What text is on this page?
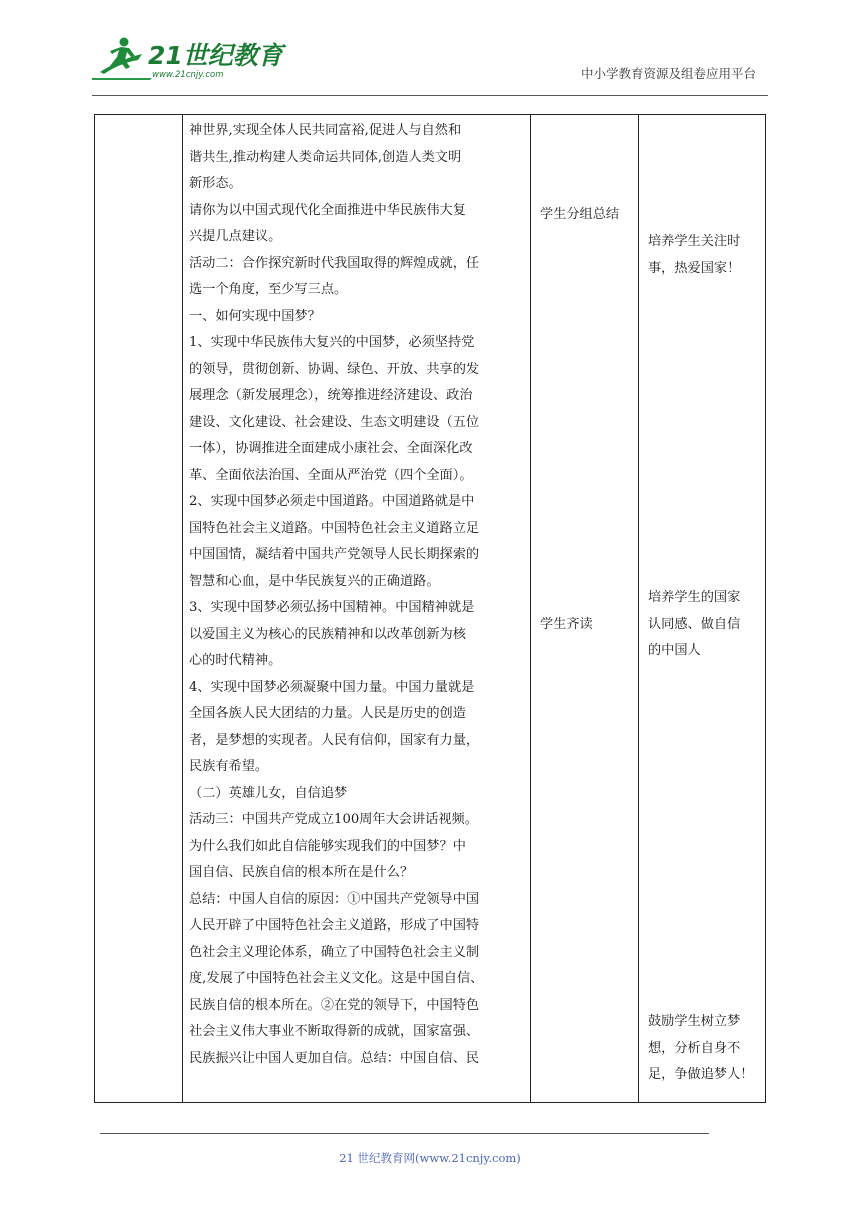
21世纪教育
www.21cnjy.com	中小学教育资源及组卷应用平台

神世界,实现全体人民共同富裕,促进人与自然和

谐共生,推动构建人类命运共同体,创造人类文明

新形态。

请你为以中国式现代化全面推进中华民族伟大复

兴提几点建议。

活动二：合作探究新时代我国取得的辉煌成就，任

选一个角度，至少写三点。

一、如何实现中国梦？

1、实现中华民族伟大复兴的中国梦，必须坚持党

的领导，贯彻创新、协调、绿色、开放、共享的发

展理念（新发展理念），统筹推进经济建设、政治

建设、文化建设、社会建设、生态文明建设（五位

一体），协调推进全面建成小康社会、全面深化改

革、全面依法治国、全面从严治党（四个全面）。

2、实现中国梦必须走中国道路。中国道路就是中

国特色社会主义道路。中国特色社会主义道路立足

中国国情，凝结着中国共产党领导人民长期探索的

智慧和心血，是中华民族复兴的正确道路。

3、实现中国梦必须弘扬中国精神。中国精神就是

以爱国主义为核心的民族精神和以改革创新为核

心的时代精神。

4、实现中国梦必须凝聚中国力量。中国力量就是

全国各族人民大团结的力量。人民是历史的创造

者，是梦想的实现者。人民有信仰，国家有力量，

民族有希望。

（二）英雄儿女，自信追梦

活动三：中国共产党成立100周年大会讲话视频。

为什么我们如此自信能够实现我们的中国梦？中

国自信、民族自信的根本所在是什么？

总结：中国人自信的原因：①中国共产党领导中国

人民开辟了中国特色社会主义道路，形成了中国特

色社会主义理论体系，确立了中国特色社会主义制

度,发展了中国特色社会主义文化。这是中国自信、

民族自信的根本所在。②在党的领导下，中国特色

社会主义伟大事业不断取得新的成就，国家富强、

民族振兴让中国人更加自信。总结：中国自信、民

学生分组总结
学生齐读

培养学生关注时

事，热爱国家！

培养学生的国家

认同感、做自信

的中国人

鼓励学生树立梦

想，分析自身不

足，争做追梦人！

21 世纪教育网(www.21cnjy.com)
